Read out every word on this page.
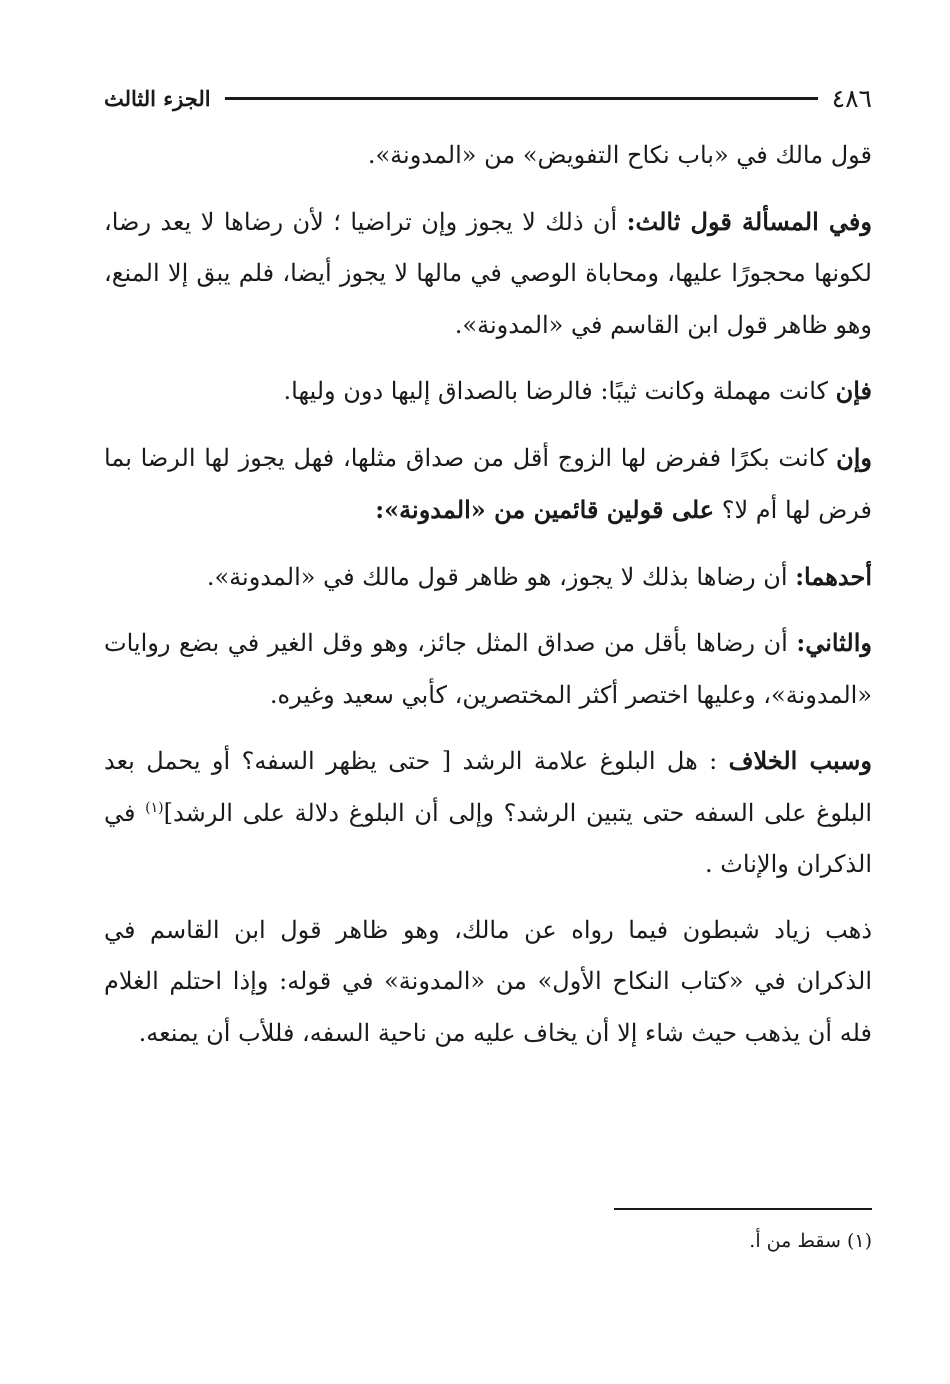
٤٨٦
الجزء الثالث

قول مالك في «باب نكاح التفويض» من «المدونة».

وفي المسألة قول ثالث: أن ذلك لا يجوز وإن تراضيا ؛ لأن رضاها لا يعد رضا، لكونها محجورًا عليها، ومحاباة الوصي في مالها لا يجوز أيضا، فلم يبق إلا المنع، وهو ظاهر قول ابن القاسم في «المدونة».

فإن كانت مهملة وكانت ثيبًا: فالرضا بالصداق إليها دون وليها.

وإن كانت بكرًا ففرض لها الزوج أقل من صداق مثلها، فهل يجوز لها الرضا بما فرض لها أم لا؟ على قولين قائمين من «المدونة»:

أحدهما: أن رضاها بذلك لا يجوز، هو ظاهر قول مالك في «المدونة».

والثاني: أن رضاها بأقل من صداق المثل جائز، وهو وقل الغير في بضع روايات «المدونة»، وعليها اختصر أكثر المختصرين، كأبي سعيد وغيره.

وسبب الخلاف : هل البلوغ علامة الرشد [ حتى يظهر السفه؟ أو يحمل بعد البلوغ على السفه حتى يتبين الرشد؟ وإلى أن البلوغ دلالة على الرشد]$^{(١)}$ في الذكران والإناث .

ذهب زياد شبطون فيما رواه عن مالك، وهو ظاهر قول ابن القاسم في الذكران في «كتاب النكاح الأول» من «المدونة» في قوله: وإذا احتلم الغلام فله أن يذهب حيث شاء إلا أن يخاف عليه من ناحية السفه، فللأب أن يمنعه.

(١) سقط من أ.
